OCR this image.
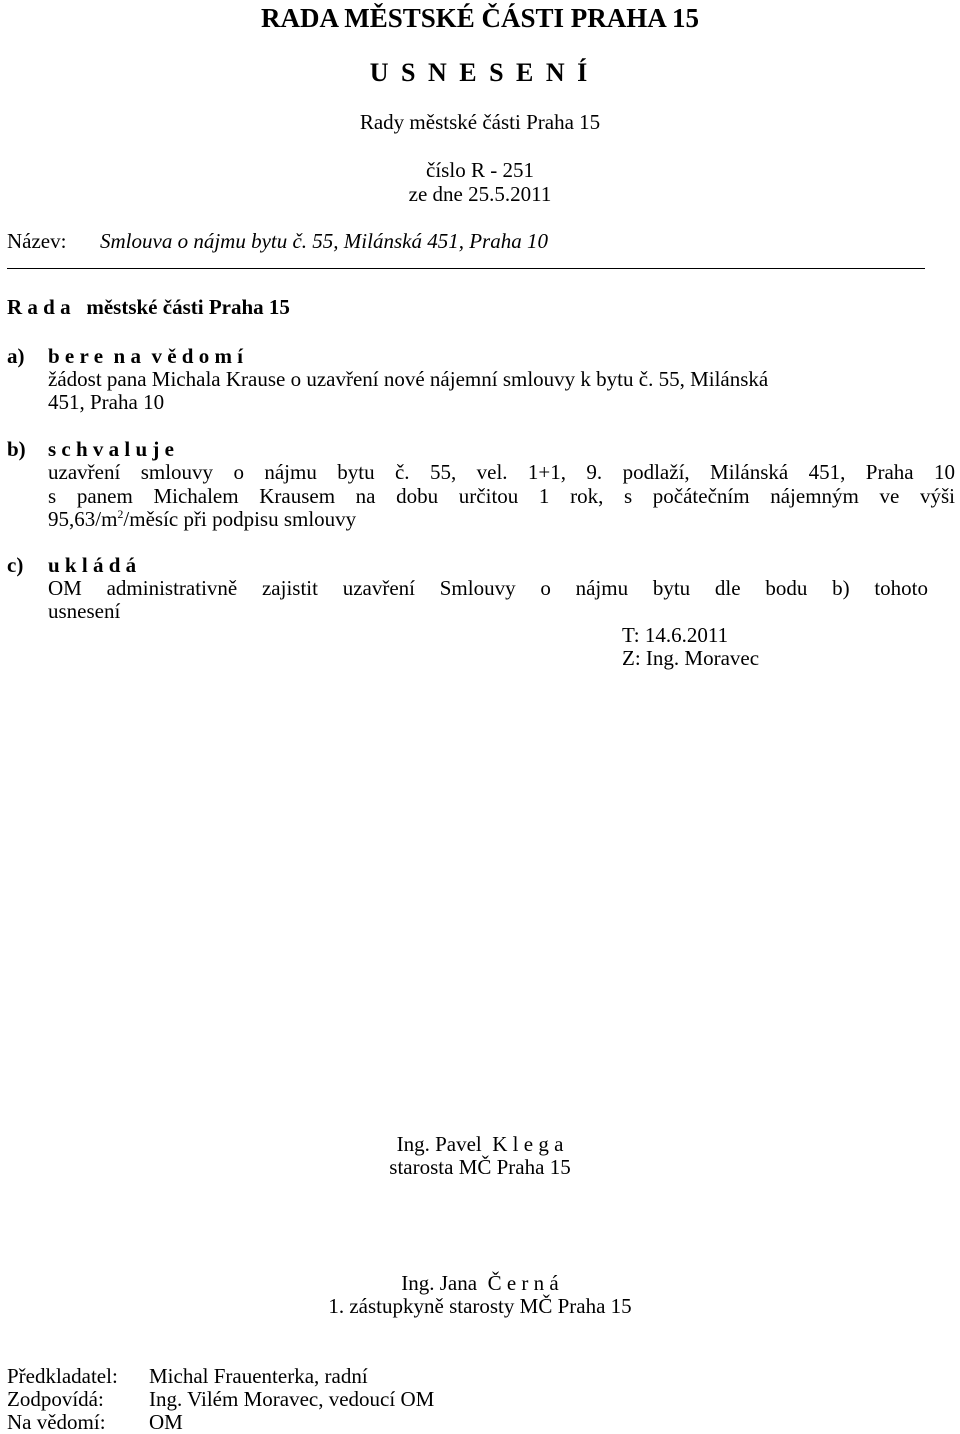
RADA MĚSTSKÉ ČÁSTI PRAHA 15
U S N E S E N Í
Rady městské části Praha 15
číslo R - 251
ze dne 25.5.2011
Název: Smlouva o nájmu bytu č. 55, Milánská 451, Praha 10
R a d a   městské části Praha 15
a) b e r e  n a  v ě d o m í
žádost pana Michala Krause o uzavření nové nájemní smlouvy k bytu č. 55, Milánská
451, Praha 10
b) s c h v a l u j e
uzavření smlouvy o nájmu bytu č. 55, vel. 1+1, 9. podlaží, Milánská 451, Praha 10
s panem Michalem Krausem na dobu určitou 1 rok, s počátečním nájemným ve výši
$95,63/m^2$/měsíc při podpisu smlouvy
c) u k l á d á
OM administrativně zajistit uzavření Smlouvy o nájmu bytu dle bodu b) tohoto
usnesení
T: 14.6.2011
Z: Ing. Moravec
Ing. Pavel  K l e g a
starosta MČ Praha 15
Ing. Jana  Č e r n á
1. zástupkyně starosty MČ Praha 15
Předkladatel: Michal Frauenterka, radní
Zodpovídá: Ing. Vilém Moravec, vedoucí OM
Na vědomí: OM
